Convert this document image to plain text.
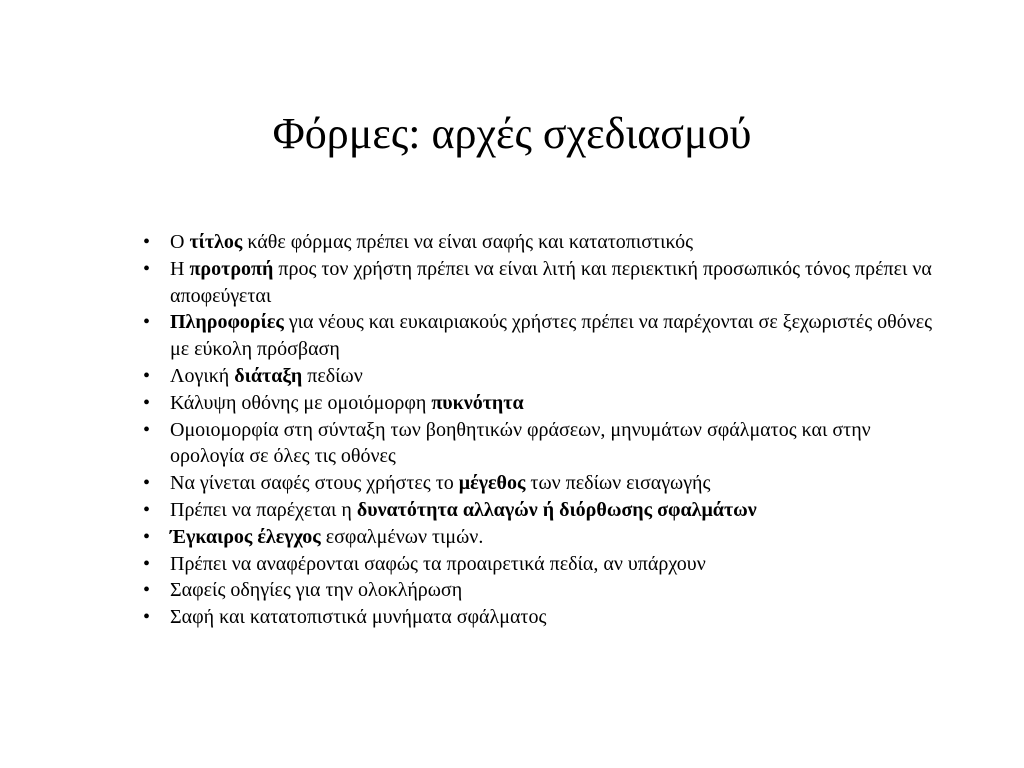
Φόρμες: αρχές σχεδιασμού
• Ο τίτλος κάθε φόρμας πρέπει να είναι σαφής και κατατοπιστικός
• Η προτροπή προς τον χρήστη πρέπει να είναι λιτή και περιεκτική προσωπικός τόνος πρέπει να αποφεύγεται
• Πληροφορίες για νέους και ευκαιριακούς χρήστες πρέπει να παρέχονται σε ξεχωριστές οθόνες με εύκολη πρόσβαση
• Λογική διάταξη πεδίων
• Κάλυψη οθόνης με ομοιόμορφη πυκνότητα
• Ομοιομορφία στη σύνταξη των βοηθητικών φράσεων, μηνυμάτων σφάλματος και στην ορολογία σε όλες τις οθόνες
• Να γίνεται σαφές στους χρήστες το μέγεθος των πεδίων εισαγωγής
• Πρέπει να παρέχεται η δυνατότητα αλλαγών ή διόρθωσης σφαλμάτων
• Έγκαιρος έλεγχος εσφαλμένων τιμών.
• Πρέπει να αναφέρονται σαφώς τα προαιρετικά πεδία, αν υπάρχουν
• Σαφείς οδηγίες για την ολοκλήρωση
• Σαφή και κατατοπιστικά μυνήματα σφάλματος
